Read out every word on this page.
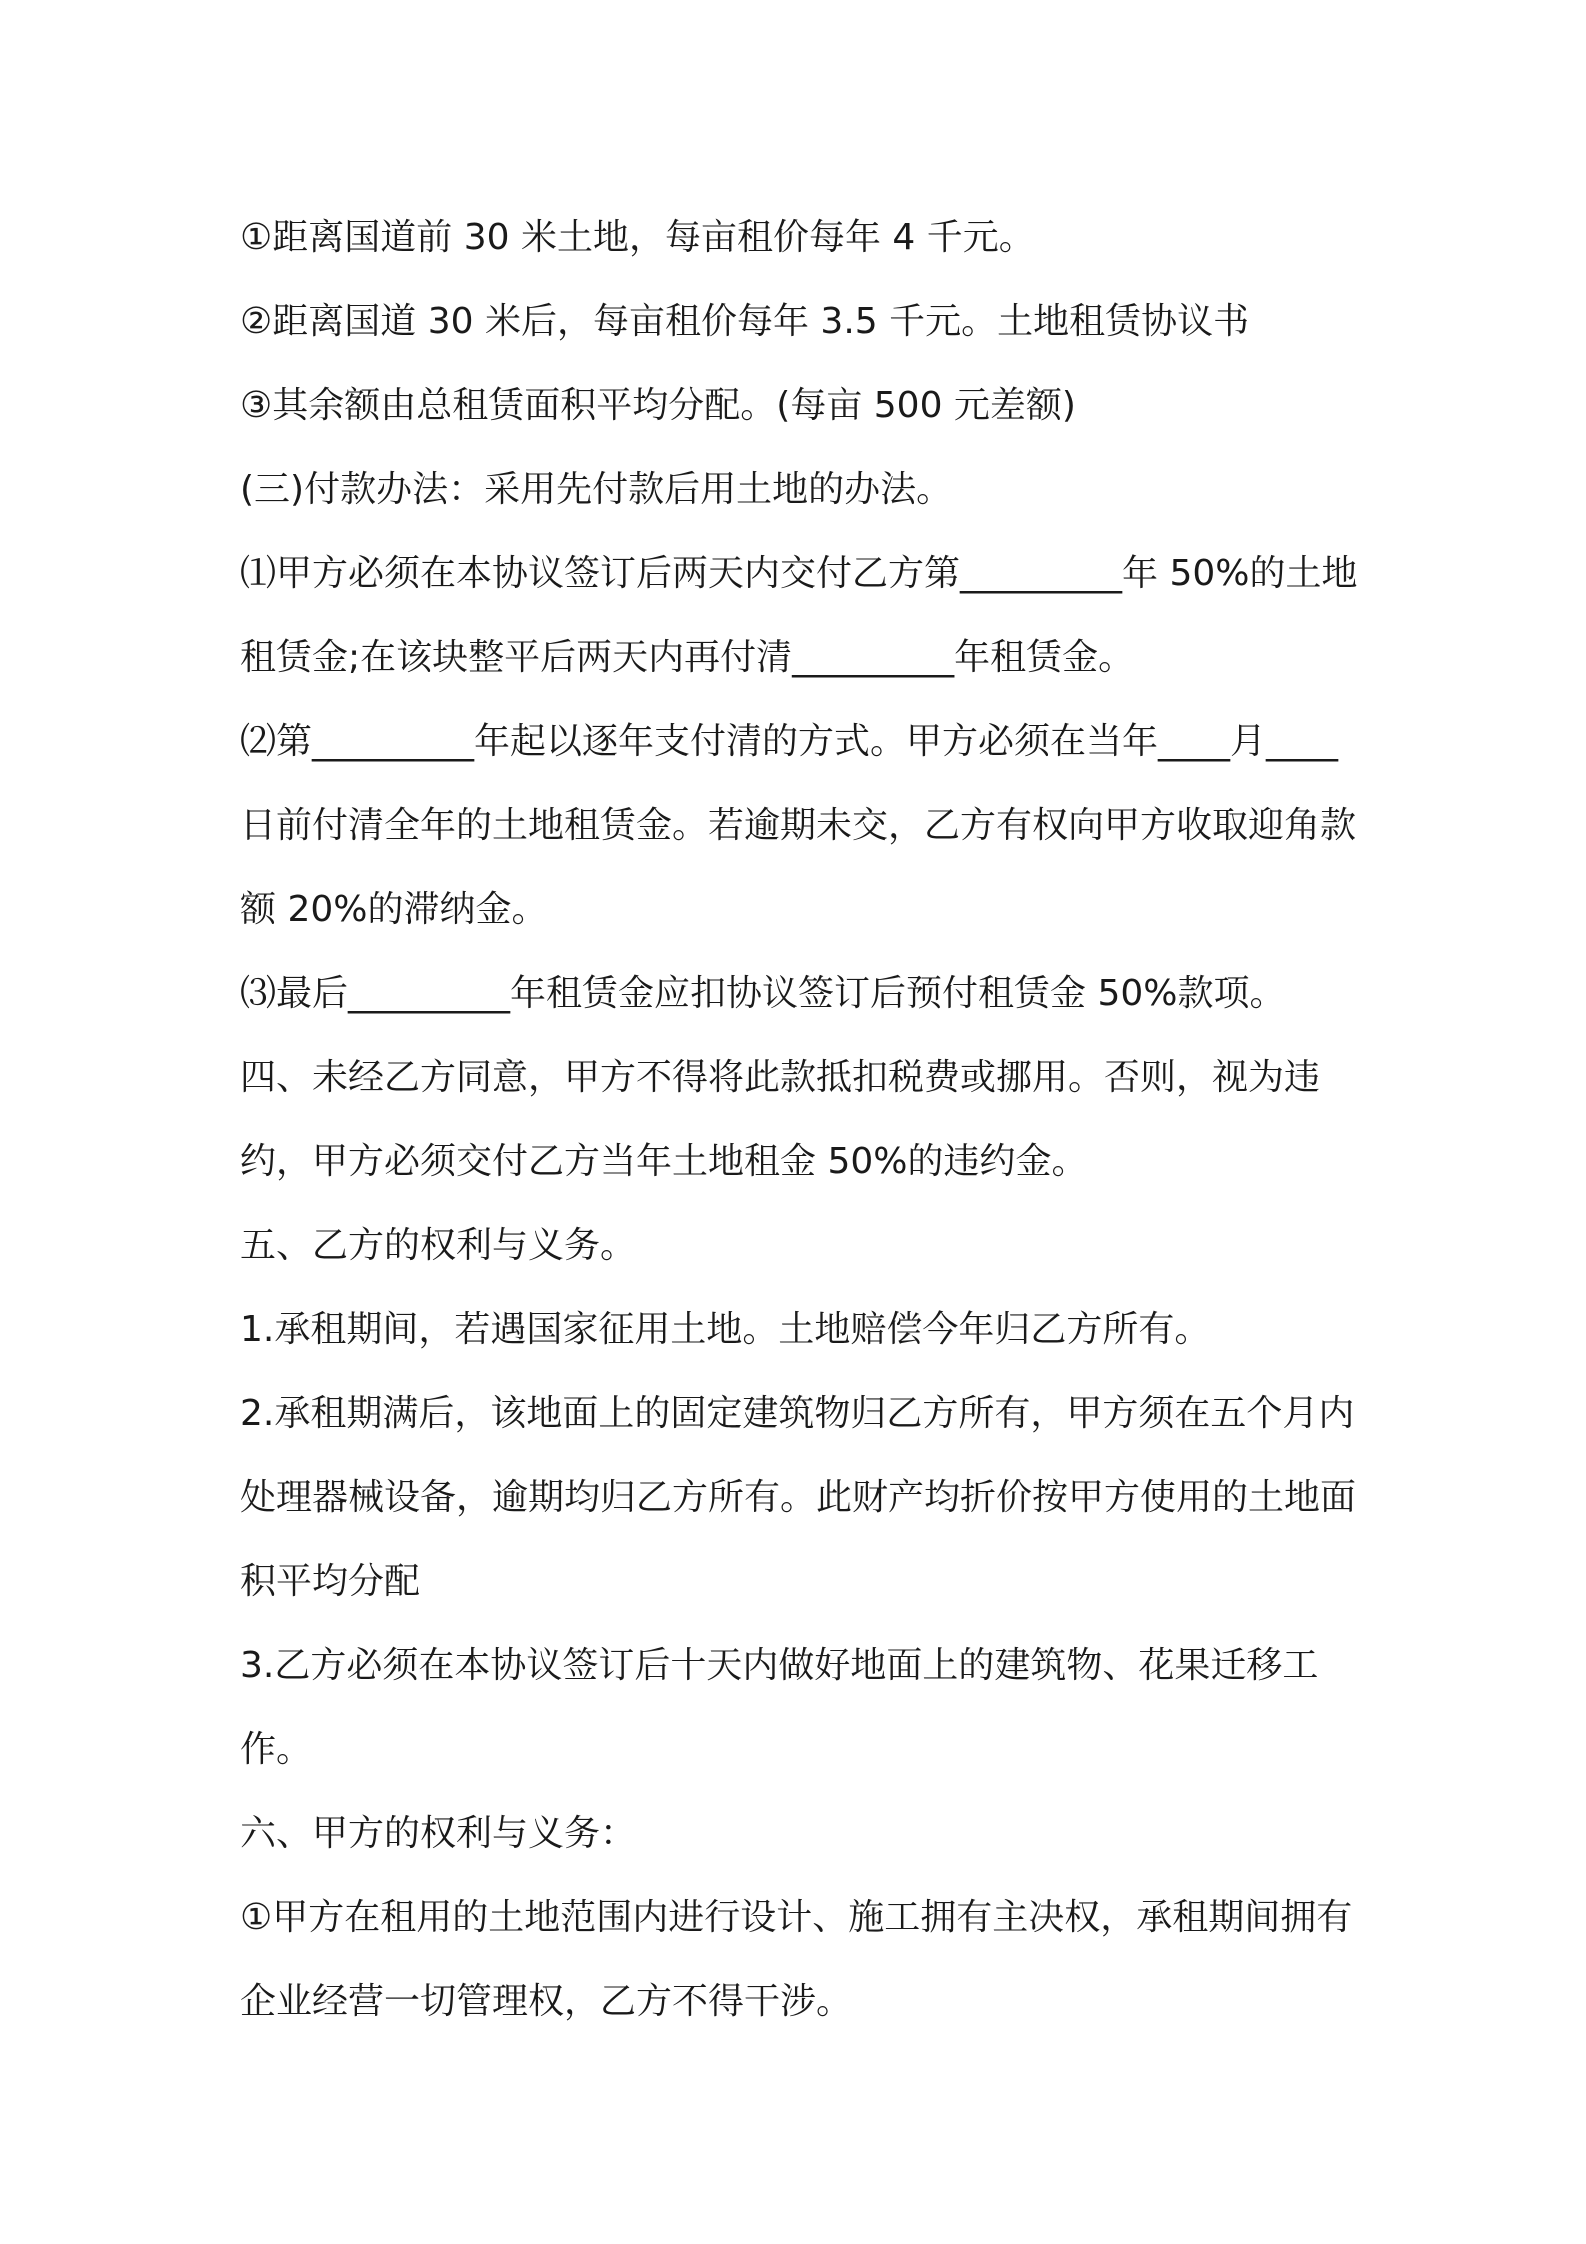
①距离国道前 30 米土地，每亩租价每年 4 千元。

②距离国道 30 米后，每亩租价每年 3.5 千元。土地租赁协议书

③其余额由总租赁面积平均分配。(每亩 500 元差额)

(三)付款办法：采用先付款后用土地的办法。

⑴甲方必须在本协议签订后两天内交付乙方第_________年 50%的土地租赁金;在该块整平后两天内再付清_________年租赁金。

⑵第_________年起以逐年支付清的方式。甲方必须在当年____月____日前付清全年的土地租赁金。若逾期未交，乙方有权向甲方收取迎角款额 20%的滞纳金。

⑶最后_________年租赁金应扣协议签订后预付租赁金 50%款项。

四、未经乙方同意，甲方不得将此款抵扣税费或挪用。否则，视为违约，甲方必须交付乙方当年土地租金 50%的违约金。

五、乙方的权利与义务。

1.承租期间，若遇国家征用土地。土地赔偿今年归乙方所有。

2.承租期满后，该地面上的固定建筑物归乙方所有，甲方须在五个月内处理器械设备，逾期均归乙方所有。此财产均折价按甲方使用的土地面积平均分配

3.乙方必须在本协议签订后十天内做好地面上的建筑物、花果迁移工作。

六、甲方的权利与义务：

①甲方在租用的土地范围内进行设计、施工拥有主决权，承租期间拥有企业经营一切管理权，乙方不得干涉。
